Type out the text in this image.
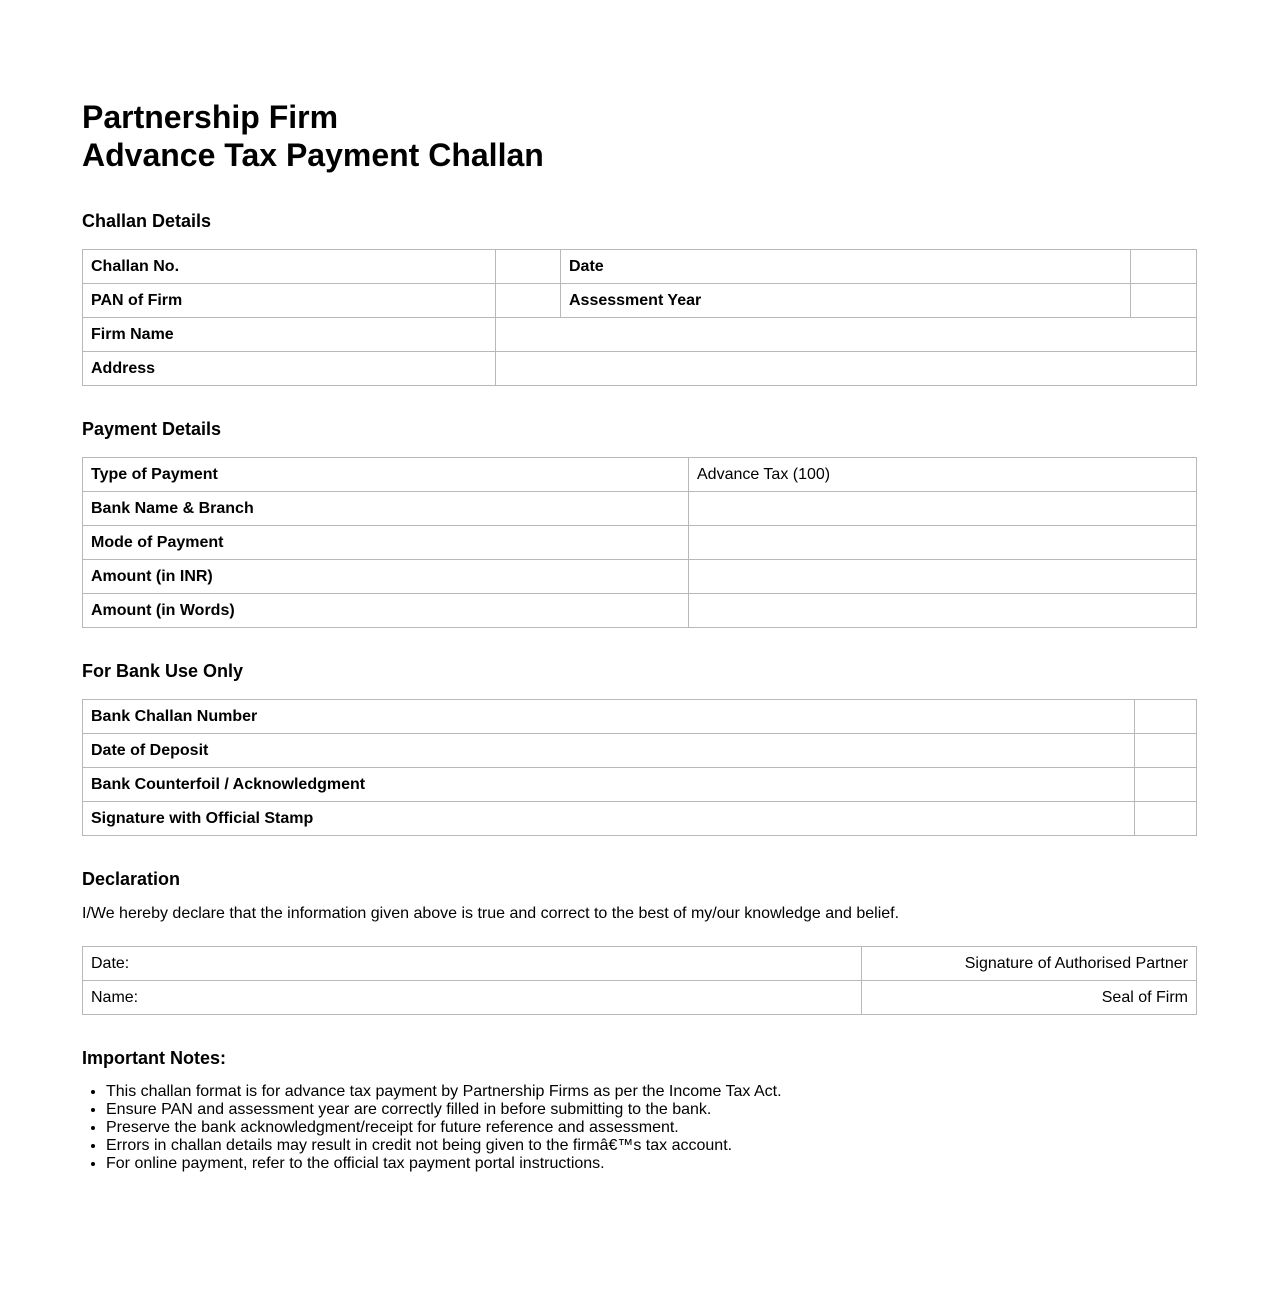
Partnership Firm
Advance Tax Payment Challan
Challan Details
Challan No.		Date	
PAN of Firm		Assessment Year	
Firm Name			
Address			
Payment Details
Type of Payment	Advance Tax (100)
Bank Name & Branch	
Mode of Payment	
Amount (in INR)	
Amount (in Words)	
For Bank Use Only
Bank Challan Number	
Date of Deposit	
Bank Counterfoil / Acknowledgment	
Signature with Official Stamp	
Declaration

I/We hereby declare that the information given above is true and correct to the best of my/our knowledge and belief.

Date:	Signature of Authorised Partner
Name:	Seal of Firm
Important Notes:
• This challan format is for advance tax payment by Partnership Firms as per the Income Tax Act.
• Ensure PAN and assessment year are correctly filled in before submitting to the bank.
• Preserve the bank acknowledgment/receipt for future reference and assessment.
• Errors in challan details may result in credit not being given to the firmâ€™s tax account.
• For online payment, refer to the official tax payment portal instructions.
